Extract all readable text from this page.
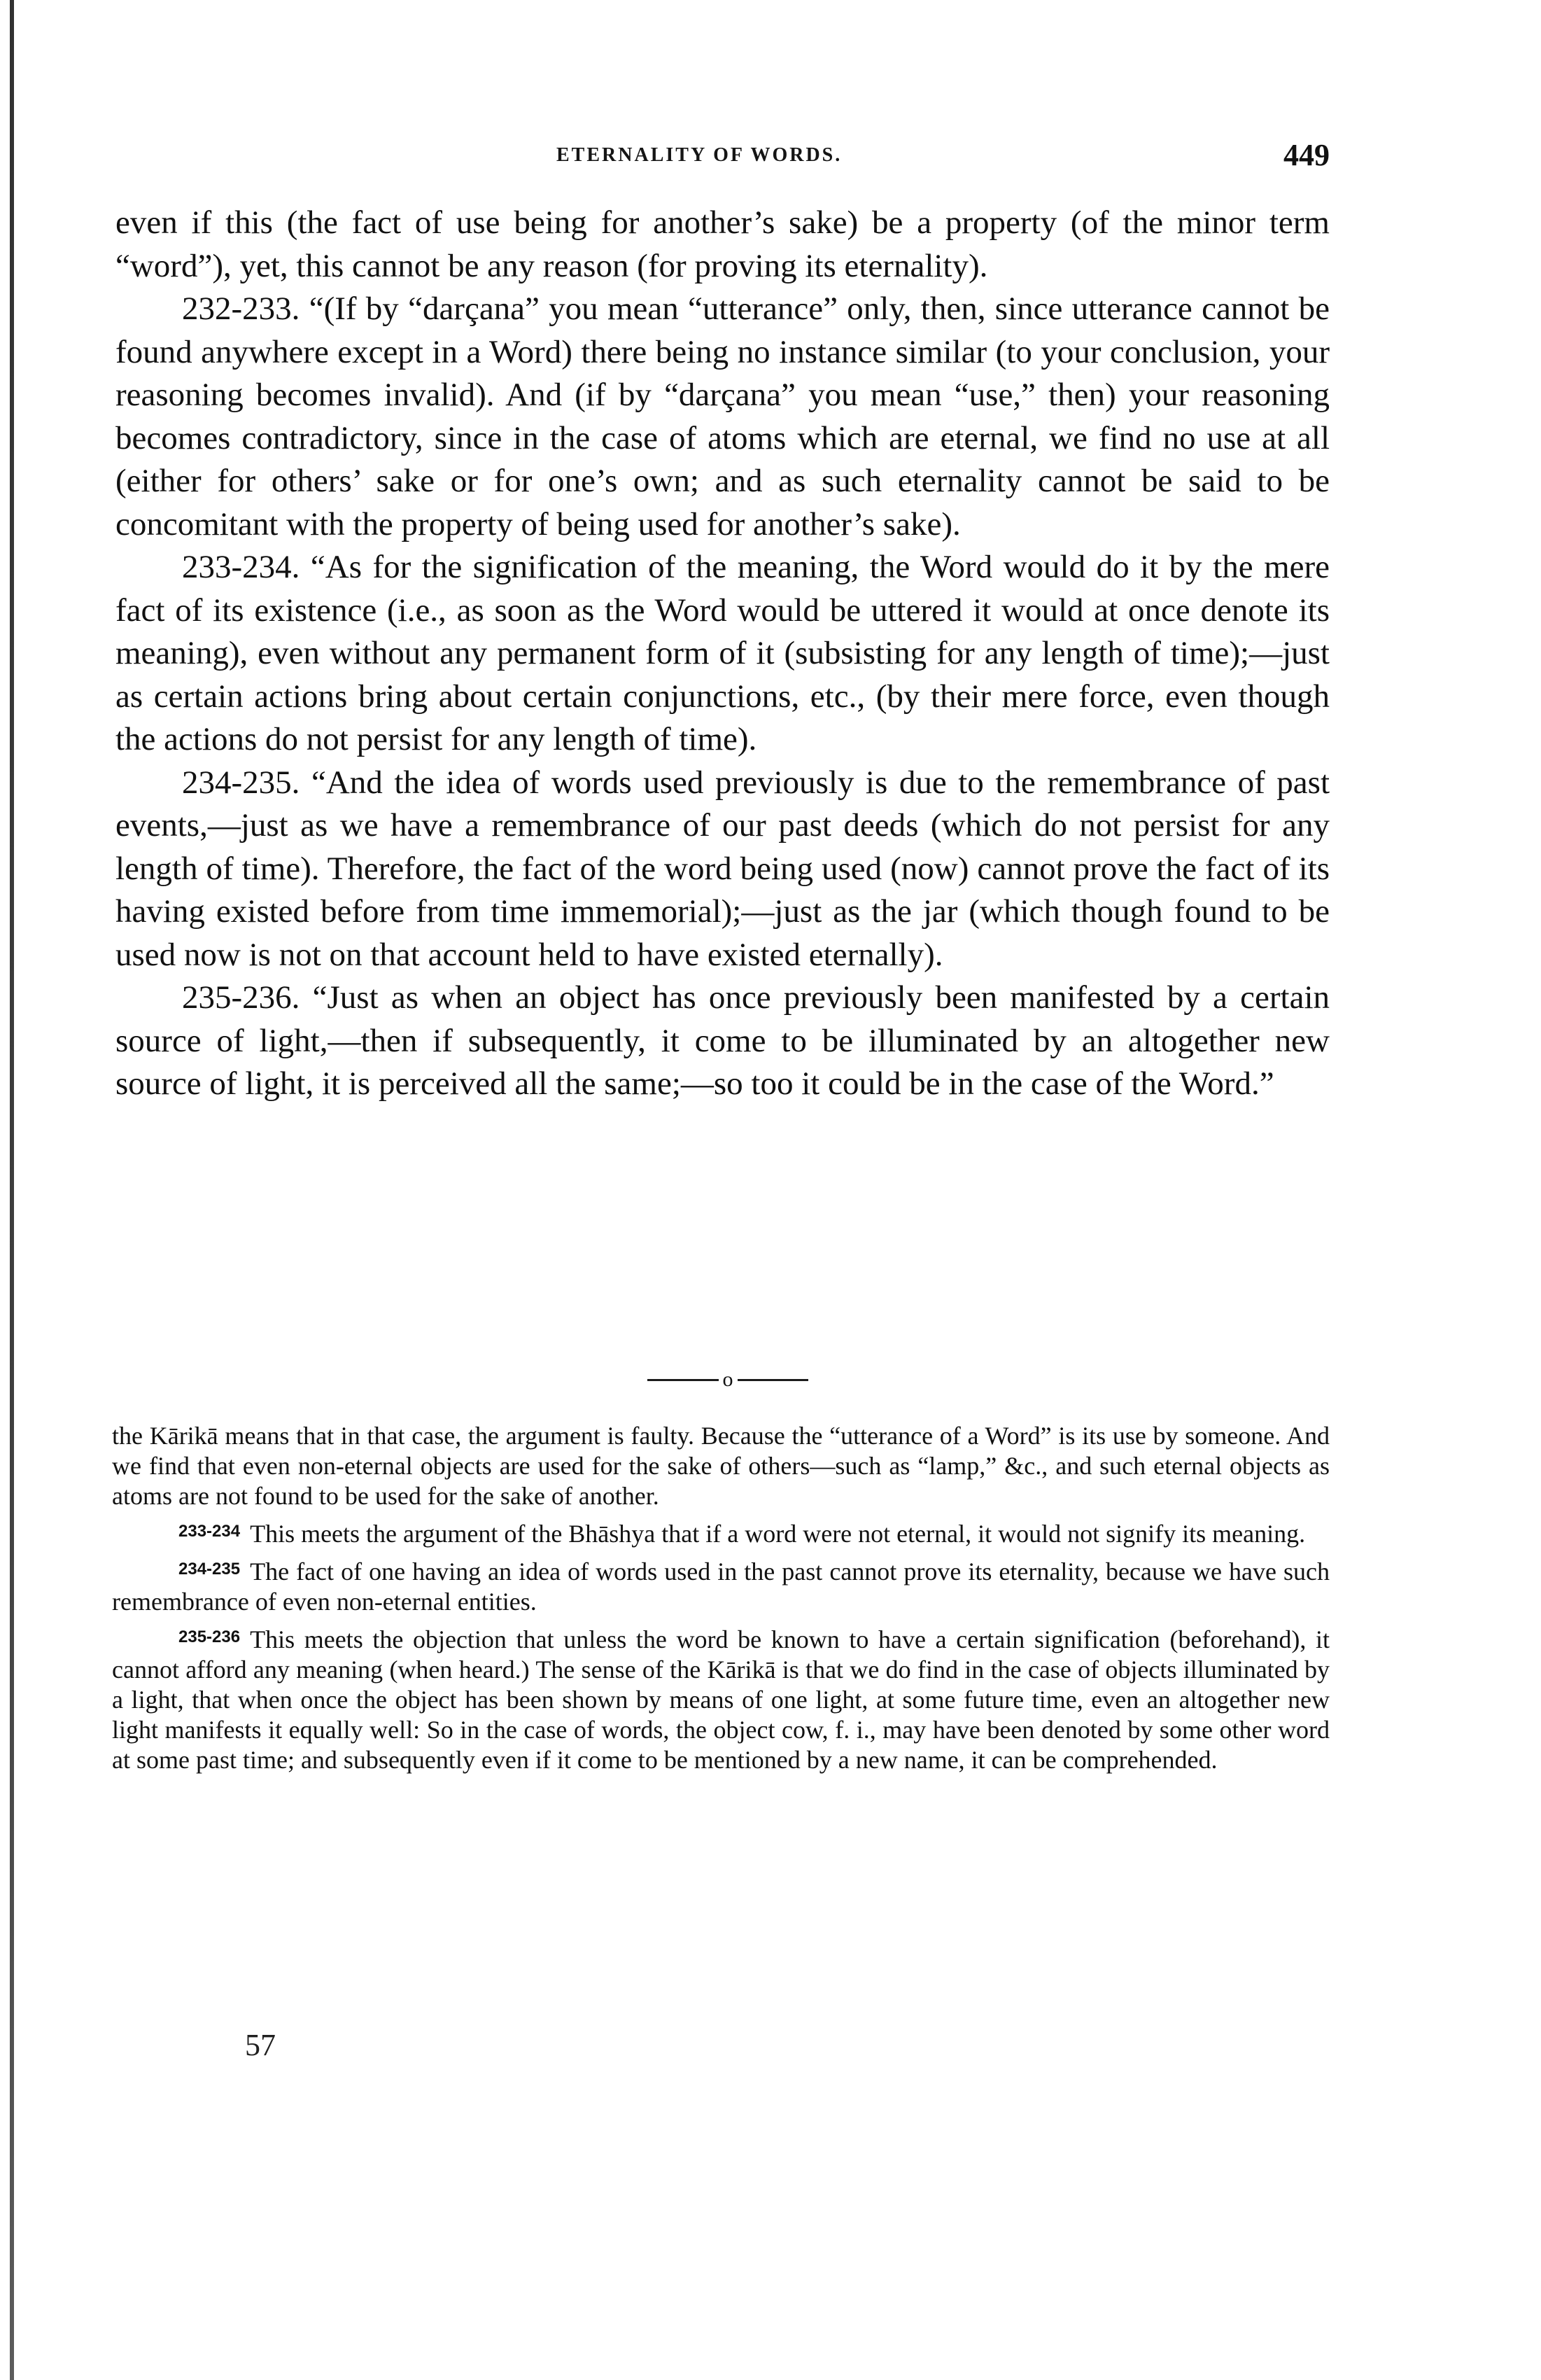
ETERNALITY OF WORDS.	449

even if this (the fact of use being for another’s sake) be a property (of the minor term “word”), yet, this cannot be any reason (for proving its eternality).

232-233. “(If by “darçana” you mean “utterance” only, then, since utterance cannot be found anywhere except in a Word) there being no instance similar (to your conclusion, your reasoning becomes invalid). And (if by “darçana” you mean “use,” then) your reasoning becomes contradictory, since in the case of atoms which are eternal, we find no use at all (either for others’ sake or for one’s own; and as such eternality cannot be said to be concomitant with the property of being used for another’s sake).

233-234. “As for the signification of the meaning, the Word would do it by the mere fact of its existence (i.e., as soon as the Word would be uttered it would at once denote its meaning), even without any permanent form of it (subsisting for any length of time);—just as certain actions bring about certain conjunctions, etc., (by their mere force, even though the actions do not persist for any length of time).

234-235. “And the idea of words used previously is due to the remembrance of past events,—just as we have a remembrance of our past deeds (which do not persist for any length of time). Therefore, the fact of the word being used (now) cannot prove the fact of its having existed before from time immemorial);—just as the jar (which though found to be used now is not on that account held to have existed eternally).

235-236. “Just as when an object has once previously been manifested by a certain source of light,—then if subsequently, it come to be illuminated by an altogether new source of light, it is perceived all the same;—so too it could be in the case of the Word.”

o

the Kārikā means that in that case, the argument is faulty. Because the “utterance of a Word” is its use by someone. And we find that even non-eternal objects are used for the sake of others—such as “lamp,” &c., and such eternal objects as atoms are not found to be used for the sake of another.

$^{233-234}$ This meets the argument of the Bhāshya that if a word were not eternal, it would not signify its meaning.

$^{234-235}$ The fact of one having an idea of words used in the past cannot prove its eternality, because we have such remembrance of even non-eternal entities.

$^{235-236}$ This meets the objection that unless the word be known to have a certain signification (beforehand), it cannot afford any meaning (when heard.) The sense of the Kārikā is that we do find in the case of objects illuminated by a light, that when once the object has been shown by means of one light, at some future time, even an altogether new light manifests it equally well: So in the case of words, the object cow, f. i., may have been denoted by some other word at some past time; and subsequently even if it come to be mentioned by a new name, it can be comprehended.

57
